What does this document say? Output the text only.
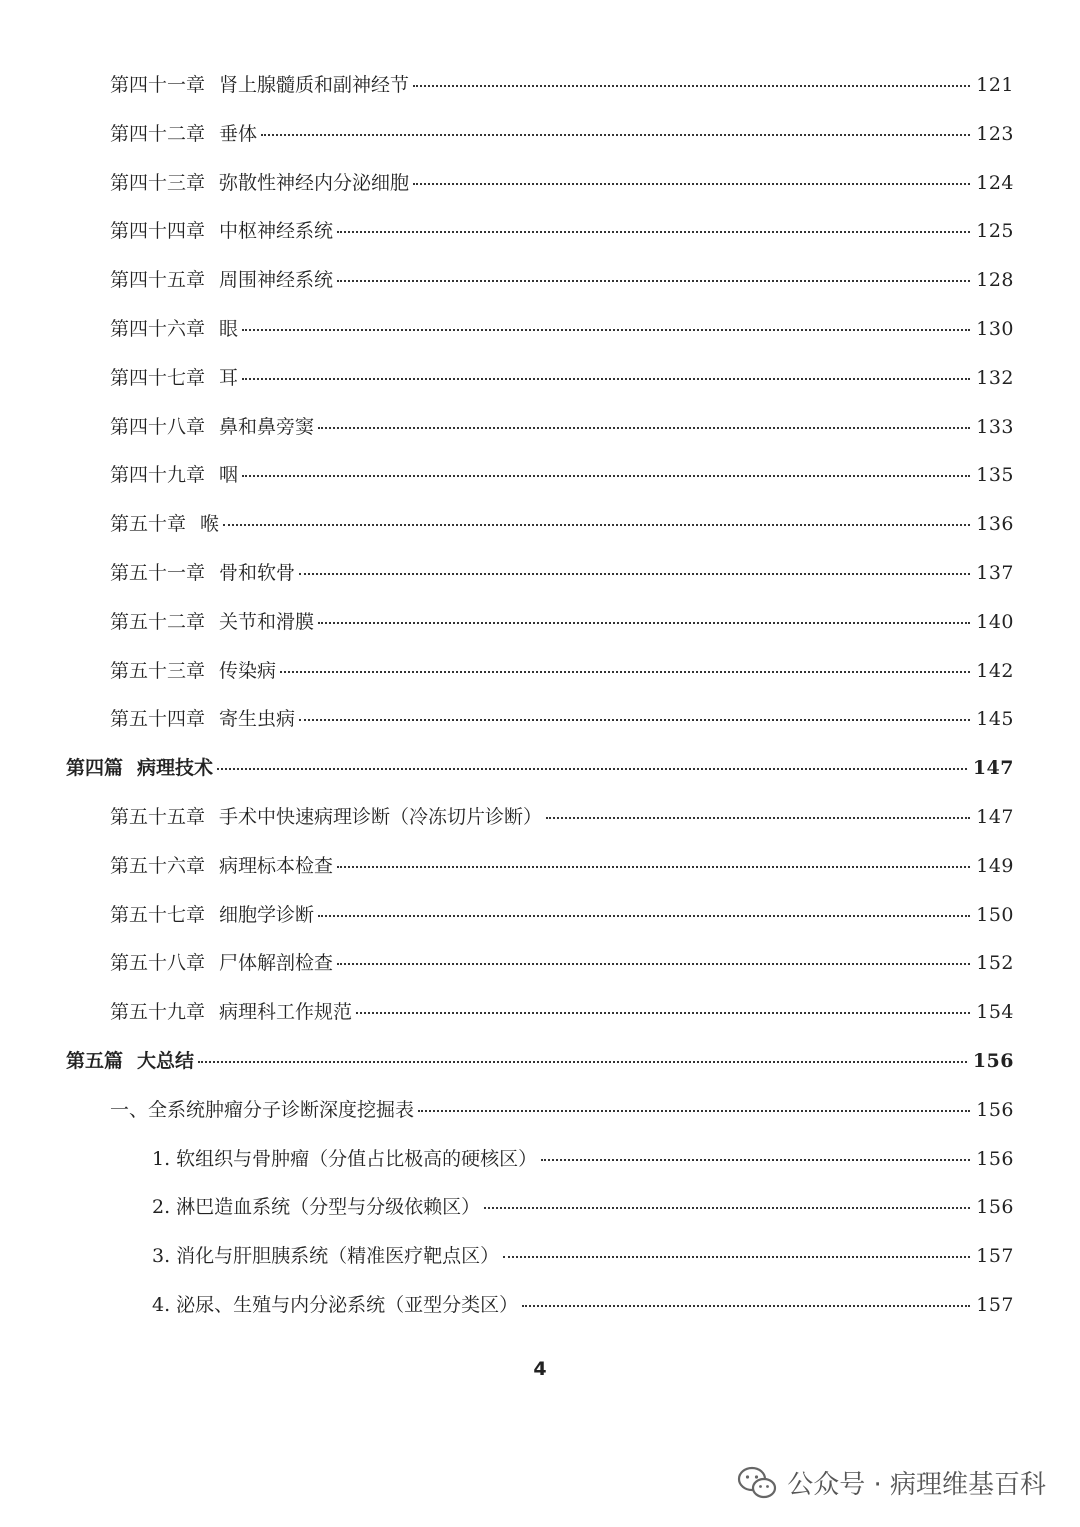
第四十一章 肾上腺髓质和副神经节	121
第四十二章 垂体	123
第四十三章 弥散性神经内分泌细胞	124
第四十四章 中枢神经系统	125
第四十五章 周围神经系统	128
第四十六章 眼	130
第四十七章 耳	132
第四十八章 鼻和鼻旁窦	133
第四十九章 咽	135
第五十章 喉	136
第五十一章 骨和软骨	137
第五十二章 关节和滑膜	140
第五十三章 传染病	142
第五十四章 寄生虫病	145
第四篇 病理技术	147
第五十五章 手术中快速病理诊断（冷冻切片诊断）	147
第五十六章 病理标本检查	149
第五十七章 细胞学诊断	150
第五十八章 尸体解剖检查	152
第五十九章 病理科工作规范	154
第五篇 大总结	156
一、全系统肿瘤分子诊断深度挖掘表	156
1. 软组织与骨肿瘤（分值占比极高的硬核区）	156
2. 淋巴造血系统（分型与分级依赖区）	156
3. 消化与肝胆胰系统（精准医疗靶点区）	157
4. 泌尿、生殖与内分泌系统（亚型分类区）	157
4
公众号 · 病理维基百科
